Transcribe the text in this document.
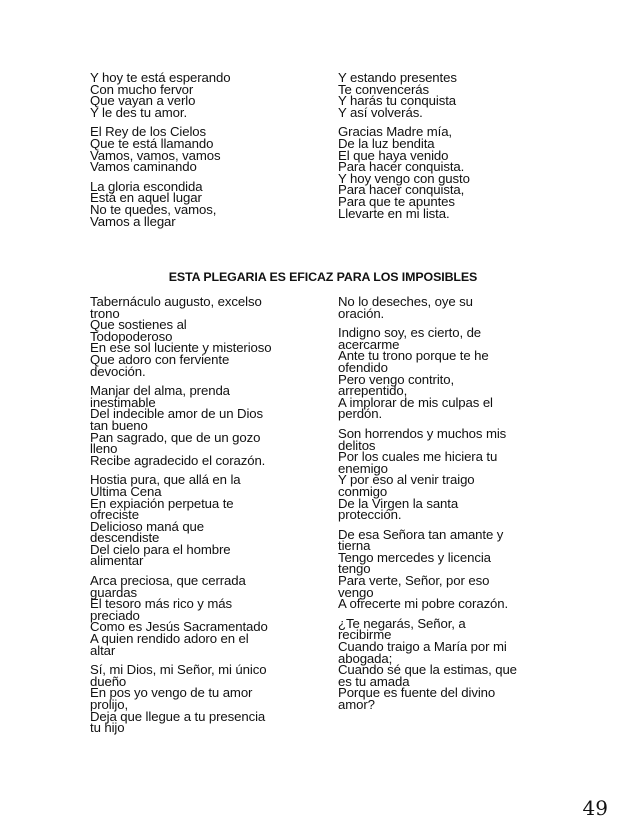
Y hoy te está esperando
Con mucho fervor
Que vayan a verlo
Y le des tu amor.
El Rey de los Cielos
Que te está llamando
Vamos, vamos, vamos
Vamos caminando
La gloria escondida
Está en aquel lugar
No te quedes, vamos,
Vamos a llegar
Y estando presentes
Te convencerás
Y harás tu conquista
Y así volverás.
Gracias Madre mía,
De la luz bendita
El que haya venido
Para hacer conquista.
Y hoy vengo con gusto
Para hacer conquista,
Para que te apuntes
Llevarte en mi lista.
ESTA PLEGARIA ES EFICAZ PARA LOS IMPOSIBLES
Tabernáculo augusto, excelso
trono
Que sostienes al
Todopoderoso
En ese sol luciente y misterioso
Que adoro con ferviente
devoción.
Manjar del alma, prenda
inestimable
Del indecible amor de un Dios
tan bueno
Pan sagrado, que de un gozo
lleno
Recibe agradecido el corazón.
Hostia pura, que allá en la
Ultima Cena
En expiación perpetua te
ofreciste
Delicioso maná que
descendiste
Del cielo para el hombre
alimentar
Arca preciosa, que cerrada
guardas
El tesoro más rico y más
preciado
Como es Jesús Sacramentado
A quien rendido adoro en el
altar
Sí, mi Dios, mi Señor, mi único
dueño
En pos yo vengo de tu amor
prolijo,
Deja que llegue a tu presencia
tu hijo
No lo deseches, oye su
oración.
Indigno soy, es cierto, de
acercarme
Ante tu trono porque te he
ofendido
Pero vengo contrito,
arrepentido,
A implorar de mis culpas el
perdón.
Son horrendos y muchos mis
delitos
Por los cuales me hiciera tu
enemigo
Y por eso al venir traigo
conmigo
De la Virgen la santa
protección.
De esa Señora tan amante y
tierna
Tengo mercedes y licencia
tengo
Para verte, Señor, por eso
vengo
A ofrecerte mi pobre corazón.
¿Te negarás, Señor, a
recibirme
Cuando traigo a María por mi
abogada;
Cuando sé que la estimas, que
es tu amada
Porque es fuente del divino
amor?
49
